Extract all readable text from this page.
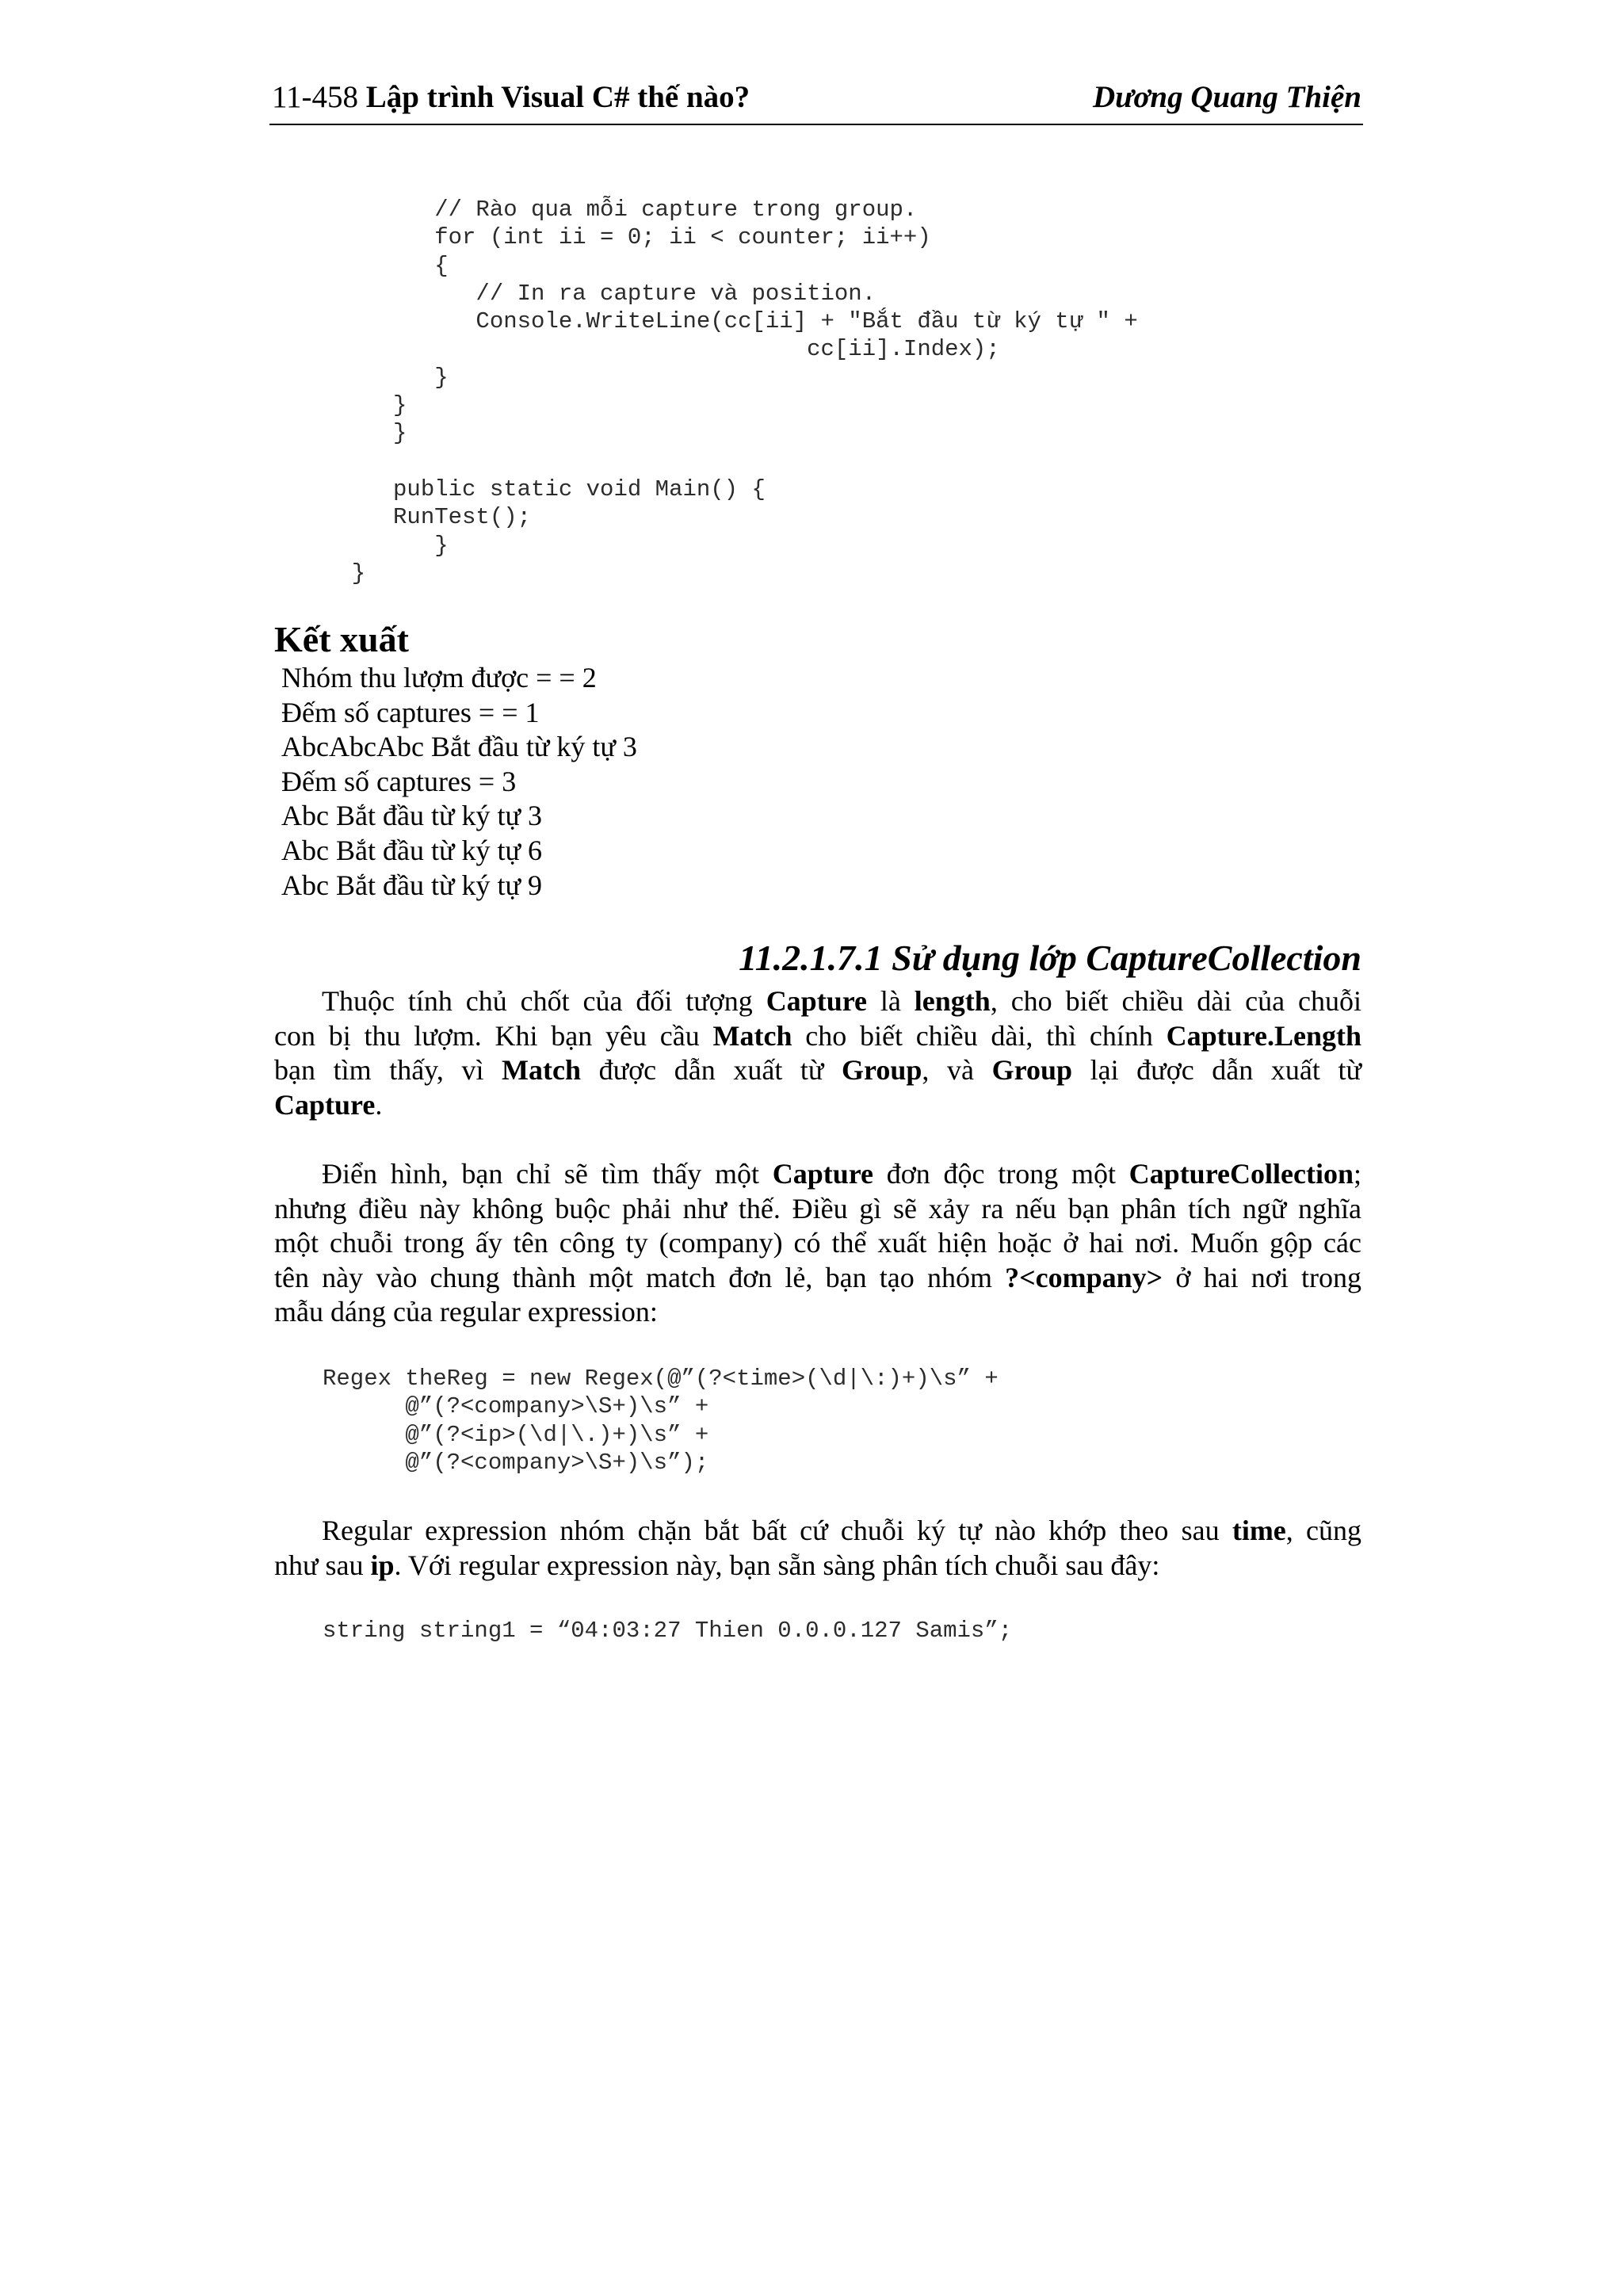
11-458 Lập trình Visual C# thế nào?	Dương Quang Thiện
// Rào qua mỗi capture trong group.
for (int ii = 0; ii < counter; ii++)
{
// In ra capture và position.
Console.WriteLine(cc[ii] + "Bắt đầu từ ký tự " +
cc[ii].Index);
}
}
}

public static void Main() {
RunTest();
}
}
Kết xuất
Nhóm thu lượm được = = 2
Đếm số captures = = 1
AbcAbcAbc Bắt đầu từ ký tự 3
Đếm số captures = 3
Abc Bắt đầu từ ký tự 3
Abc Bắt đầu từ ký tự 6
Abc Bắt đầu từ ký tự 9
11.2.1.7.1 Sử dụng lớp CaptureCollection
Thuộc tính chủ chốt của đối tượng Capture là length, cho biết chiều dài của chuỗi
con bị thu lượm. Khi bạn yêu cầu Match cho biết chiều dài, thì chính Capture.Length
bạn tìm thấy, vì Match được dẫn xuất từ Group, và Group lại được dẫn xuất từ
Capture.
Điển hình, bạn chỉ sẽ tìm thấy một Capture đơn độc trong một CaptureCollection;
nhưng điều này không buộc phải như thế. Điều gì sẽ xảy ra nếu bạn phân tích ngữ nghĩa
một chuỗi trong ấy tên công ty (company) có thể xuất hiện hoặc ở hai nơi. Muốn gộp các
tên này vào chung thành một match đơn lẻ, bạn tạo nhóm ?<company> ở hai nơi trong
mẫu dáng của regular expression:
Regex theReg = new Regex(@”(?<time>(\d|\:)+)\s” +
@”(?<company>\S+)\s” +
@”(?<ip>(\d|\.)+)\s” +
@”(?<company>\S+)\s”);
Regular expression nhóm chặn bắt bất cứ chuỗi ký tự nào khớp theo sau time, cũng
như sau ip. Với regular expression này, bạn sẵn sàng phân tích chuỗi sau đây:
string string1 = “04:03:27 Thien 0.0.0.127 Samis”;
